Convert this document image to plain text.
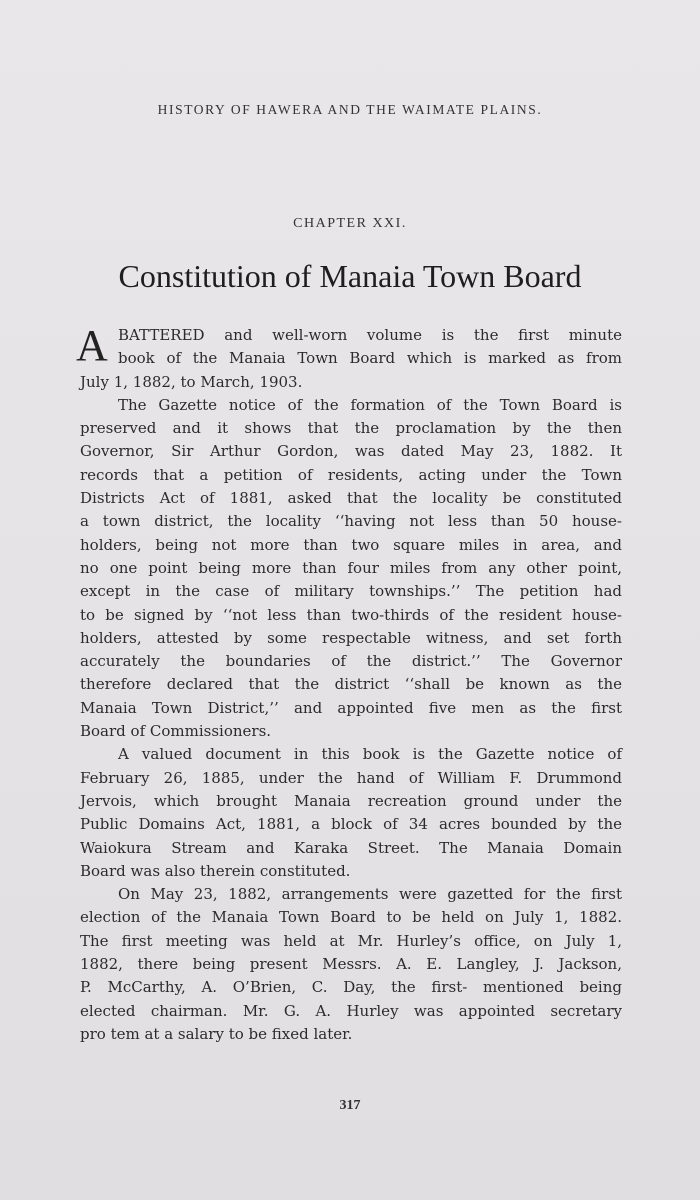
HISTORY OF HAWERA AND THE WAIMATE PLAINS.
CHAPTER XXI.
Constitution of Manaia Town Board
A BATTERED and well-worn volume is the first minute
book of the Manaia Town Board which is marked as from
July 1, 1882, to March, 1903.
The Gazette notice of the formation of the Town Board is
preserved and it shows that the proclamation by the then
Governor, Sir Arthur Gordon, was dated May 23, 1882. It
records that a petition of residents, acting under the Town
Districts Act of 1881, asked that the locality be constituted
a town district, the locality ‘‘having not less than 50 house-
holders, being not more than two square miles in area, and
no one point being more than four miles from any other point,
except in the case of military townships.’’ The petition had
to be signed by ‘‘not less than two-thirds of the resident house-
holders, attested by some respectable witness, and set forth
accurately the boundaries of the district.’’ The Governor
therefore declared that the district ‘‘shall be known as the
Manaia Town District,’’ and appointed five men as the first
Board of Commissioners.
A valued document in this book is the Gazette notice of
February 26, 1885, under the hand of William F. Drummond
Jervois, which brought Manaia recreation ground under the
Public Domains Act, 1881, a block of 34 acres bounded by the
Waiokura Stream and Karaka Street. The Manaia Domain
Board was also therein constituted.
On May 23, 1882, arrangements were gazetted for the first
election of the Manaia Town Board to be held on July 1, 1882.
The first meeting was held at Mr. Hurley’s office, on July 1,
1882, there being present Messrs. A. E. Langley, J. Jackson,
P. McCarthy, A. O’Brien, C. Day, the first- mentioned being
elected chairman. Mr. G. A. Hurley was appointed secretary
pro tem at a salary to be fixed later.
317
